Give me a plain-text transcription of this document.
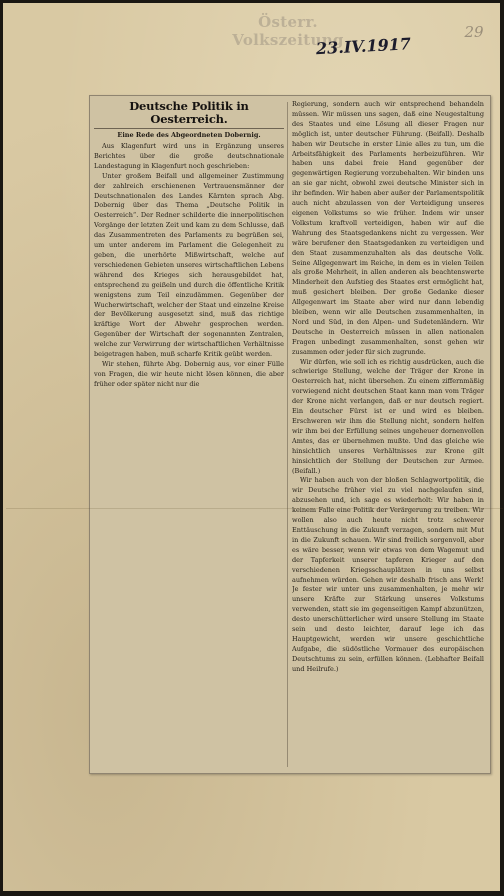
Österr. Volkszeitung	29
23.IV.1917
Deutsche Politik in Oesterreich.
Eine Rede des Abgeordneten Dobernig.

Aus Klagenfurt wird uns in Ergänzung unseres Berichtes über die große deutschnationale Landestagung in Klagenfurt noch geschrieben:

Unter großem Beifall und allgemeiner Zustimmung der zahlreich erschienenen Vertrauensmänner der Deutschnationalen des Landes Kärnten sprach Abg. Dobernig über das Thema „Deutsche Politik in Oesterreich“. Der Redner schilderte die innerpolitischen Vorgänge der letzten Zeit und kam zu dem Schlusse, daß das Zusammentreten des Parlaments zu begrüßen sei, um unter anderem im Parlament die Gelegenheit zu geben, die unerhörte Mißwirtschaft, welche auf verschiedenen Gebieten unseres wirtschaftlichen Lebens während des Krieges sich herausgebildet hat, entsprechend zu geißeln und durch die öffentliche Kritik wenigstens zum Teil einzudämmen. Gegenüber der Wucherwirtschaft, welcher der Staat und einzelne Kreise der Bevölkerung ausgesetzt sind, muß das richtige kräftige Wort der Abwehr gesprochen werden. Gegenüber der Wirtschaft der sogenannten Zentralen, welche zur Verwirrung der wirtschaftlichen Verhältnisse beigetragen haben, muß scharfe Kritik geübt werden.

Wir stehen, führte Abg. Dobernig aus, vor einer Fülle von Fragen, die wir heute nicht lösen können, die aber früher oder später nicht nur die

Regierung, sondern auch wir entsprechend behandeln müssen. Wir müssen uns sagen, daß eine Neugestaltung des Staates und eine Lösung all dieser Fragen nur möglich ist, unter deutscher Führung. (Beifall). Deshalb haben wir Deutsche in erster Linie alles zu tun, um die Arbeitsfähigkeit des Parlaments herbeizuführen. Wir haben uns dabei freie Hand gegenüber der gegenwärtigen Regierung vorzubehalten. Wir binden uns an sie gar nicht, obwohl zwei deutsche Minister sich in ihr befinden. Wir haben aber außer der Parlamentspolitik auch nicht abzulassen von der Verteidigung unseres eigenen Volkstums so wie früher. Indem wir unser Volkstum kraftvoll verteidigen, haben wir auf die Wahrung des Staatsgedankens nicht zu vergessen. Wer wäre berufener den Staatsgedanken zu verteidigen und den Staat zusammenzuhalten als das deutsche Volk. Seine Allgegenwart im Reiche, in dem es in vielen Teilen als große Mehrheit, in allen anderen als beachtenswerte Minderheit den Aufstieg des Staates erst ermöglicht hat, muß gesichert bleiben. Der große Gedanke dieser Allgegenwart im Staate aber wird nur dann lebendig bleiben, wenn wir alle Deutschen zusammenhalten, in Nord und Süd, in den Alpen- und Sudetenländern. Wir Deutsche in Oesterreich müssen in allen nationalen Fragen unbedingt zusammenhalten, sonst gehen wir zusammen oder jeder für sich zugrunde.

Wir dürfen, wie soll ich es richtig ausdrücken, auch die schwierige Stellung, welche der Träger der Krone in Oesterreich hat, nicht übersehen. Zu einem ziffernmäßig vorwiegend nicht deutschen Staat kann man vom Träger der Krone nicht verlangen, daß er nur deutsch regiert. Ein deutscher Fürst ist er und wird es bleiben. Erschweren wir ihm die Stellung nicht, sondern helfen wir ihm bei der Erfüllung seines ungeheuer dornenvollen Amtes, das er übernehmen mußte. Und das gleiche wie hinsichtlich unseres Verhältnisses zur Krone gilt hinsichtlich der Stellung der Deutschen zur Armee. (Beifall.)

Wir haben auch von der bloßen Schlagwortpolitik, die wir Deutsche früher viel zu viel nachgelaufen sind, abzusehen und, ich sage es wiederholt: Wir haben in keinem Falle eine Politik der Verärgerung zu treiben. Wir wollen also auch heute nicht trotz schwerer Enttäuschung in die Zukunft verzagen, sondern mit Mut in die Zukunft schauen. Wir sind freilich sorgenvoll, aber es wäre besser, wenn wir etwas von dem Wagemut und der Tapferkeit unserer tapferen Krieger auf den verschiedenen Kriegsschauplätzen in uns selbst aufnehmen würden. Gehen wir deshalb frisch ans Werk! Je fester wir unter uns zusammenhalten, je mehr wir unsere Kräfte zur Stärkung unseres Volkstums verwenden, statt sie im gegenseitigen Kampf abzunützen, desto unerschütterlicher wird unsere Stellung im Staate sein und desto leichter, darauf lege ich das Hauptgewicht, werden wir unsere geschichtliche Aufgabe, die südöstliche Vormauer des europäischen Deutschtums zu sein, erfüllen können. (Lebhafter Beifall und Heilrufe.)
